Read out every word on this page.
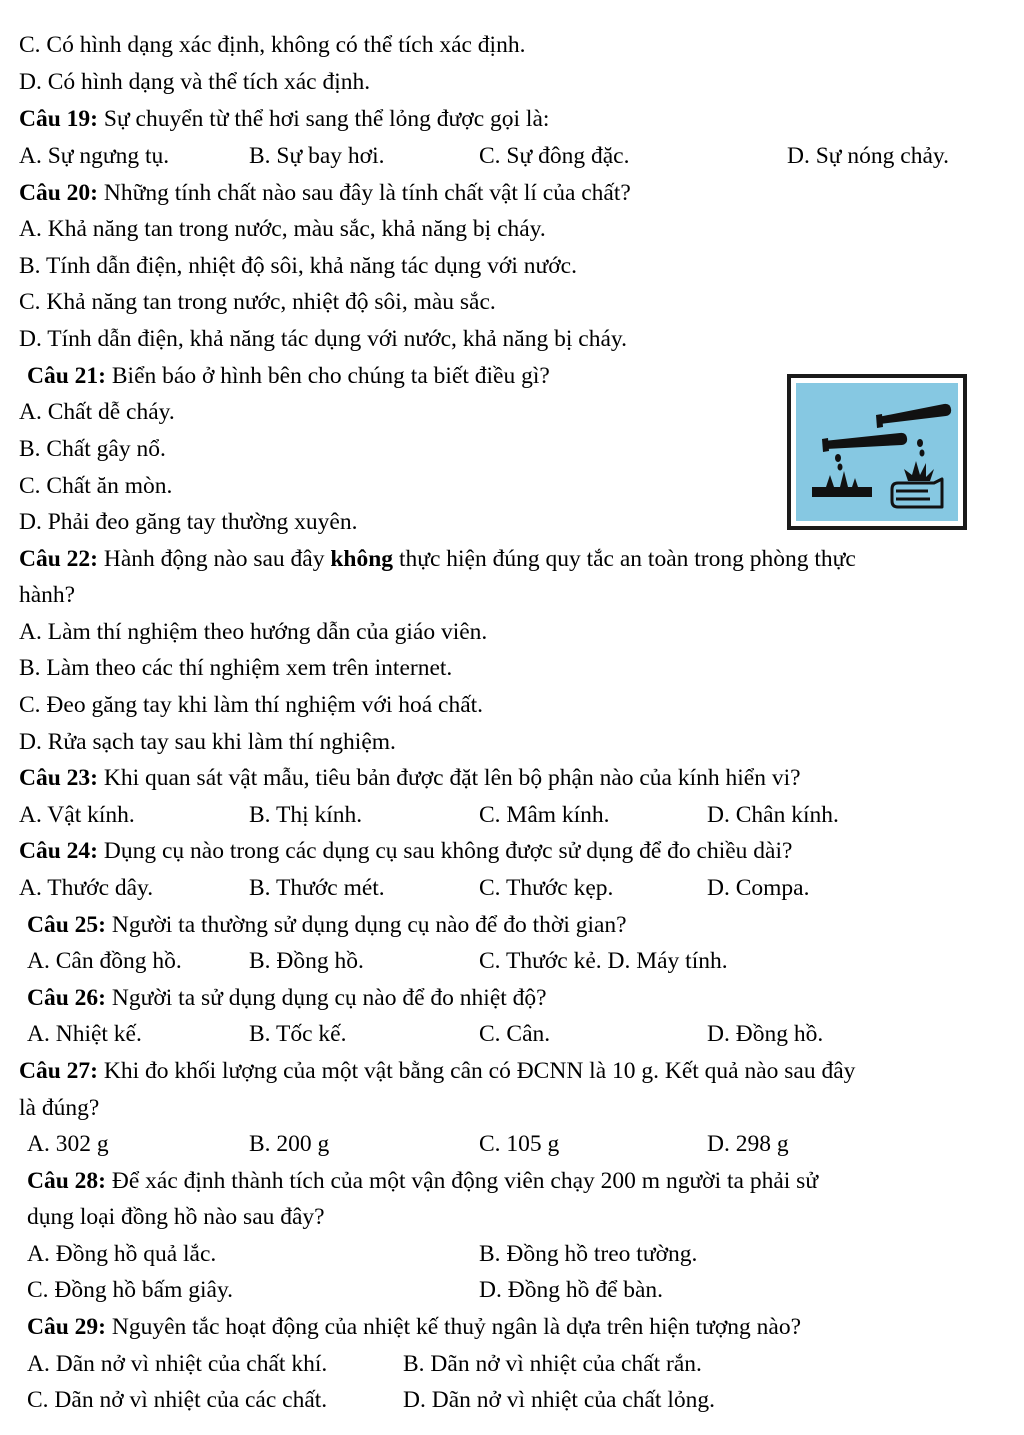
C. Có hình dạng xác định, không có thể tích xác định.
D. Có hình dạng và thể tích xác định.
Câu 19: Sự chuyển từ thể hơi sang thể lỏng được gọi là:
A. Sự ngưng tụ.	B. Sự bay hơi.	C. Sự đông đặc.	D. Sự nóng chảy.
Câu 20: Những tính chất nào sau đây là tính chất vật lí của chất?
A. Khả năng tan trong nước, màu sắc, khả năng bị cháy.
B. Tính dẫn điện, nhiệt độ sôi, khả năng tác dụng với nước.
C. Khả năng tan trong nước, nhiệt độ sôi, màu sắc.
D. Tính dẫn điện, khả năng tác dụng với nước, khả năng bị cháy.
Câu 21: Biển báo ở hình bên cho chúng ta biết điều gì?
A. Chất dễ cháy.
B. Chất gây nổ.
C. Chất ăn mòn.
D. Phải đeo găng tay thường xuyên.
Câu 22: Hành động nào sau đây không thực hiện đúng quy tắc an toàn trong phòng thực
hành?
A. Làm thí nghiệm theo hướng dẫn của giáo viên.
B. Làm theo các thí nghiệm xem trên internet.
C. Đeo găng tay khi làm thí nghiệm với hoá chất.
D. Rửa sạch tay sau khi làm thí nghiệm.
Câu 23: Khi quan sát vật mẫu, tiêu bản được đặt lên bộ phận nào của kính hiển vi?
A. Vật kính.	B. Thị kính.	C. Mâm kính.	D. Chân kính.
Câu 24: Dụng cụ nào trong các dụng cụ sau không được sử dụng để đo chiều dài?
A. Thước dây.	B. Thước mét.	C. Thước kẹp.	D. Compa.
Câu 25: Người ta thường sử dụng dụng cụ nào để đo thời gian?
A. Cân đồng hồ.	B. Đồng hồ.	C. Thước kẻ. D. Máy tính.
Câu 26: Người ta sử dụng dụng cụ nào để đo nhiệt độ?
A. Nhiệt kế.	B. Tốc kế.	C. Cân.	D. Đồng hồ.
Câu 27: Khi đo khối lượng của một vật bằng cân có ĐCNN là 10 g. Kết quả nào sau đây
là đúng?
A. 302 g	B. 200 g	C. 105 g	D. 298 g
Câu 28: Để xác định thành tích của một vận động viên chạy 200 m người ta phải sử
dụng loại đồng hồ nào sau đây?
A. Đồng hồ quả lắc.	B. Đồng hồ treo tường.
C. Đồng hồ bấm giây.	D. Đồng hồ để bàn.
Câu 29: Nguyên tắc hoạt động của nhiệt kế thuỷ ngân là dựa trên hiện tượng nào?
A. Dãn nở vì nhiệt của chất khí.	B. Dãn nở vì nhiệt của chất rắn.
C. Dãn nở vì nhiệt của các chất.	D. Dãn nở vì nhiệt của chất lỏng.
